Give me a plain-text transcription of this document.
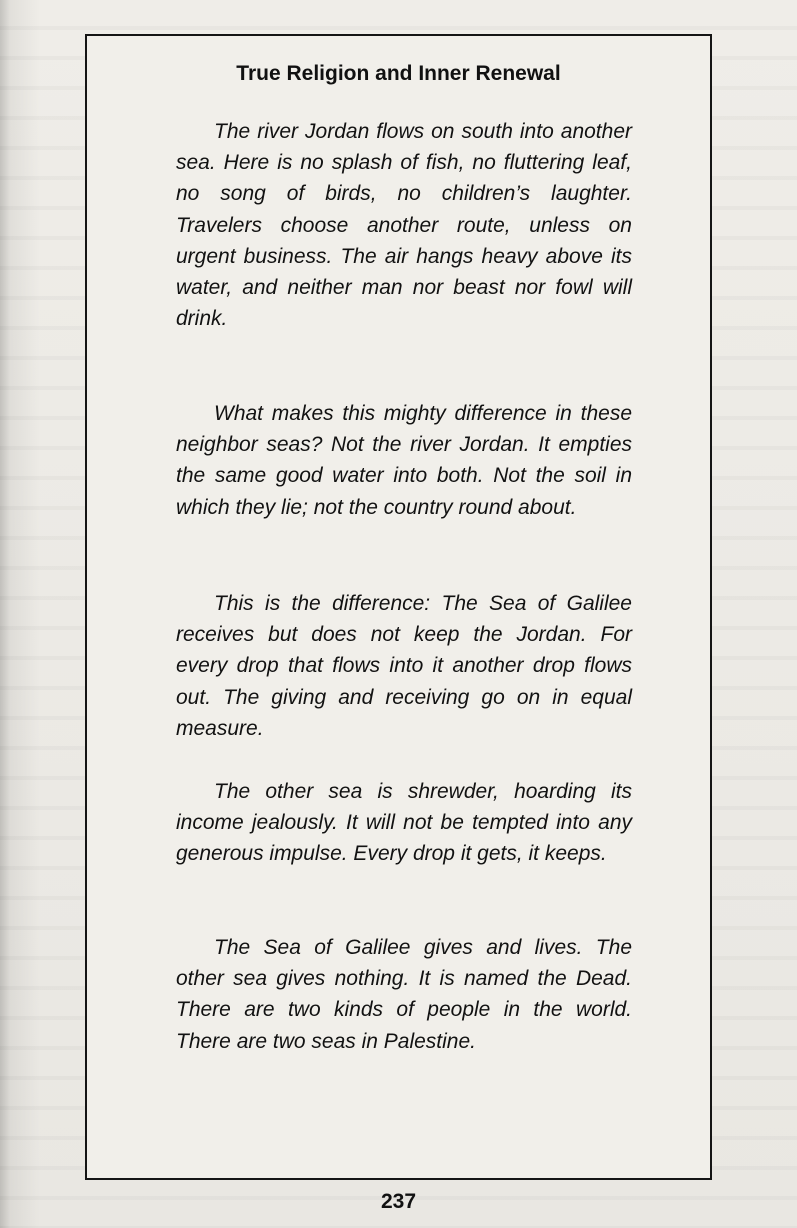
True Religion and Inner Renewal

The river Jordan flows on south into another sea. Here is no splash of fish, no fluttering leaf, no song of birds, no children’s laughter. Travelers choose another route, unless on urgent business. The air hangs heavy above its water, and neither man nor beast nor fowl will drink.

What makes this mighty difference in these neighbor seas? Not the river Jordan. It empties the same good water into both. Not the soil in which they lie; not the country round about.

This is the difference: The Sea of Galilee receives but does not keep the Jordan. For every drop that flows into it another drop flows out. The giving and receiving go on in equal measure.

The other sea is shrewder, hoarding its income jealously. It will not be tempted into any generous impulse. Every drop it gets, it keeps.

The Sea of Galilee gives and lives. The other sea gives nothing. It is named the Dead. There are two kinds of people in the world. There are two seas in Palestine.

237
